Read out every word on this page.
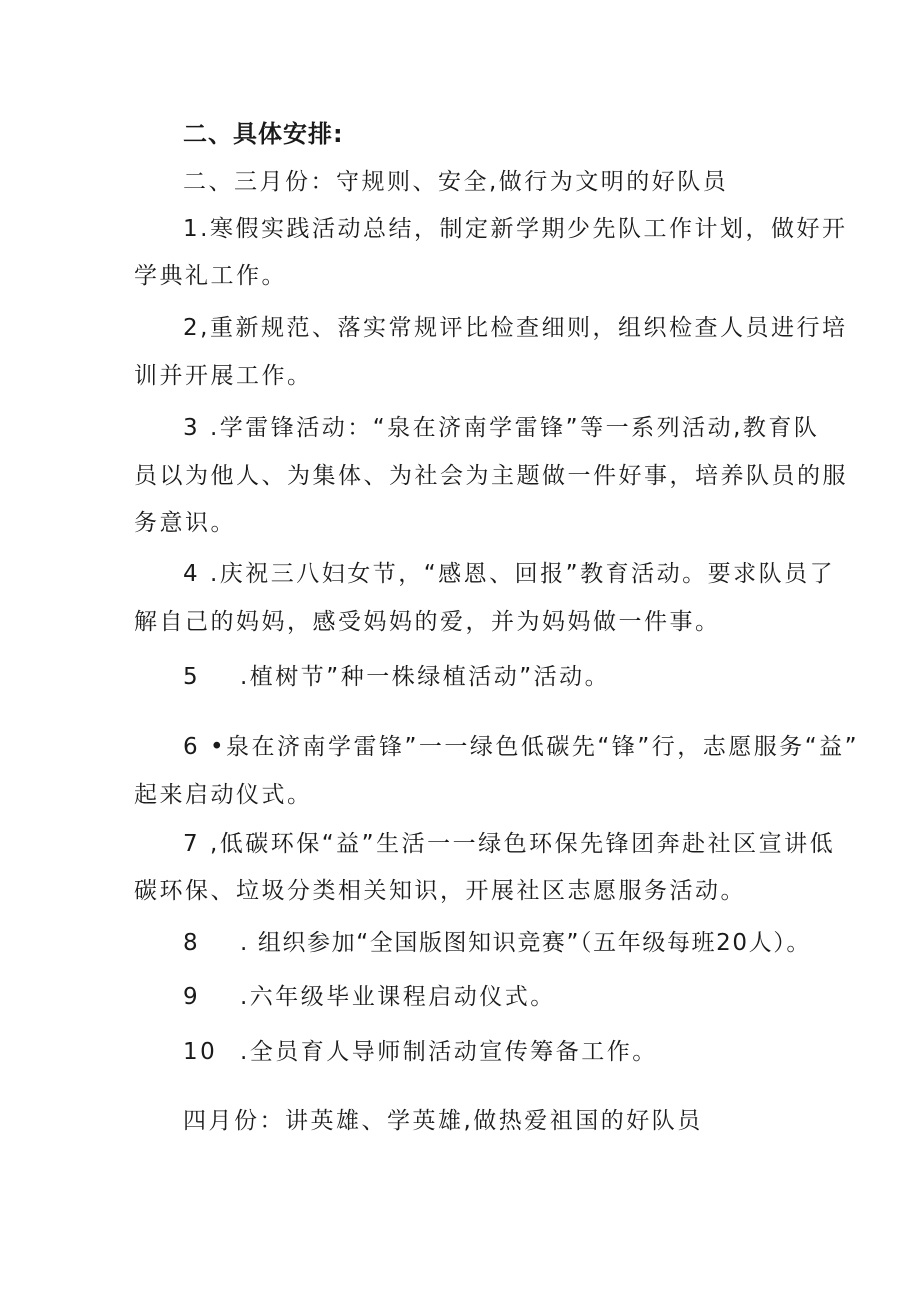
二、具体安排:
二、三月份：守规则、安全,做行为文明的好队员
1.寒假实践活动总结，制定新学期少先队工作计划，做好开
学典礼工作。
2,重新规范、落实常规评比检查细则，组织检查人员进行培
训并开展工作。
3 .学雷锋活动：“泉在济南学雷锋”等一系列活动,教育队
员以为他人、为集体、为社会为主题做一件好事，培养队员的服
务意识。
4 .庆祝三八妇女节，“感恩、回报”教育活动。要求队员了
解自己的妈妈，感受妈妈的爱，并为妈妈做一件事。
5 .植树节”种一株绿植活动”活动。
6 •泉在济南学雷锋”一一绿色低碳先“锋”行，志愿服务“益”
起来启动仪式。
7 ,低碳环保“益”生活一一绿色环保先锋团奔赴社区宣讲低
碳环保、垃圾分类相关知识，开展社区志愿服务活动。
8 . 组织参加“全国版图知识竞赛”（五年级每班20人）。
9 .六年级毕业课程启动仪式。
10 .全员育人导师制活动宣传筹备工作。
四月份：讲英雄、学英雄,做热爱祖国的好队员
